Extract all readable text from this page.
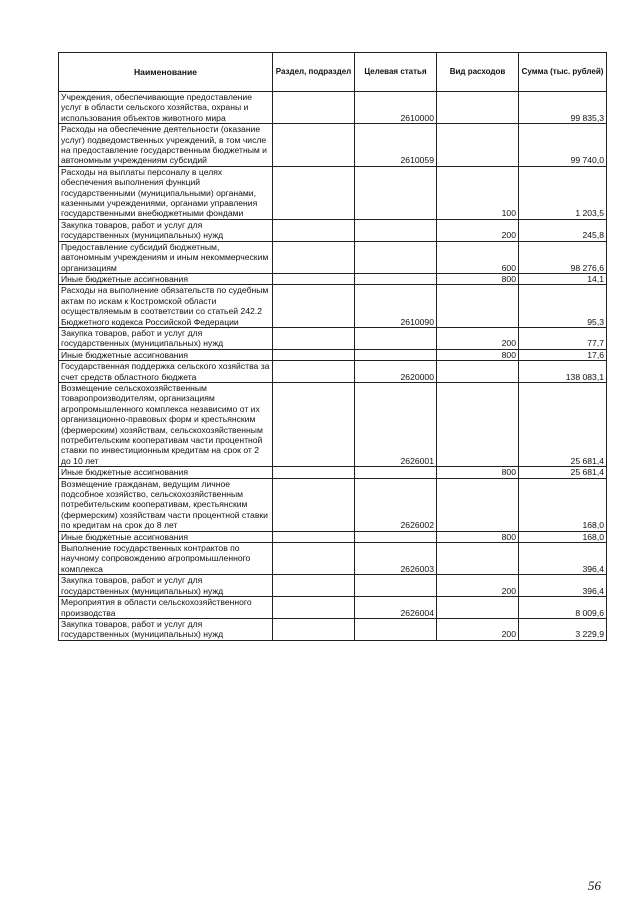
Наименование	Раздел, подраздел	Целевая статья	Вид расходов	Сумма (тыс. рублей)
Учреждения, обеспечивающие предоставление услуг в области сельского хозяйства, охраны и использования объектов животного мира		2610000		99 835,3
Расходы на обеспечение деятельности (оказание услуг) подведомственных учреждений, в том числе на предоставление государственным бюджетным и автономным учреждениям субсидий		2610059		99 740,0
Расходы на выплаты персоналу в целях обеспечения выполнения функций государственными (муниципальными) органами, казенными учреждениями, органами управления государственными внебюджетными фондами			100	1 203,5
Закупка товаров, работ и услуг для государственных (муниципальных) нужд			200	245,8
Предоставление субсидий бюджетным, автономным учреждениям и иным некоммерческим организациям			600	98 276,6
Иные бюджетные ассигнования			800	14,1
Расходы на выполнение обязательств по судебным актам по искам к Костромской области осуществляемым в соответствии со статьей 242.2 Бюджетного кодекса Российской Федерации		2610090		95,3
Закупка товаров, работ и услуг для государственных (муниципальных) нужд			200	77,7
Иные бюджетные ассигнования			800	17,6
Государственная поддержка сельского хозяйства за счет средств областного бюджета		2620000		138 083,1
Возмещение сельскохозяйственным товаропроизводителям, организациям агропромышленного комплекса независимо от их организационно-правовых форм и крестьянским (фермерским) хозяйствам, сельскохозяйственным потребительским кооперативам части процентной ставки по инвестиционным кредитам на срок от 2 до 10 лет		2626001		25 681,4
Иные бюджетные ассигнования			800	25 681,4
Возмещение гражданам, ведущим личное подсобное хозяйство, сельскохозяйственным потребительским кооперативам, крестьянским (фермерским) хозяйствам части процентной ставки по кредитам на срок до 8 лет		2626002		168,0
Иные бюджетные ассигнования			800	168,0
Выполнение государственных контрактов по научному сопровождению агропромышленного комплекса		2626003		396,4
Закупка товаров, работ и услуг для государственных (муниципальных) нужд			200	396,4
Мероприятия в области сельскохозяйственного производства		2626004		8 009,6
Закупка товаров, работ и услуг для государственных (муниципальных) нужд			200	3 229,9
56
